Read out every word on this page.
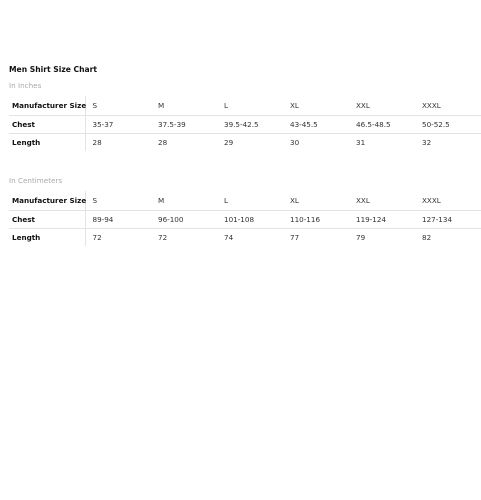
Men Shirt Size Chart
In Inches
Manufacturer Size	S	M	L	XL	XXL	XXXL
Chest	35-37	37.5-39	39.5-42.5	43-45.5	46.5-48.5	50-52.5
Length	28	28	29	30	31	32
In Centimeters
Manufacturer Size	S	M	L	XL	XXL	XXXL
Chest	89-94	96-100	101-108	110-116	119-124	127-134
Length	72	72	74	77	79	82
